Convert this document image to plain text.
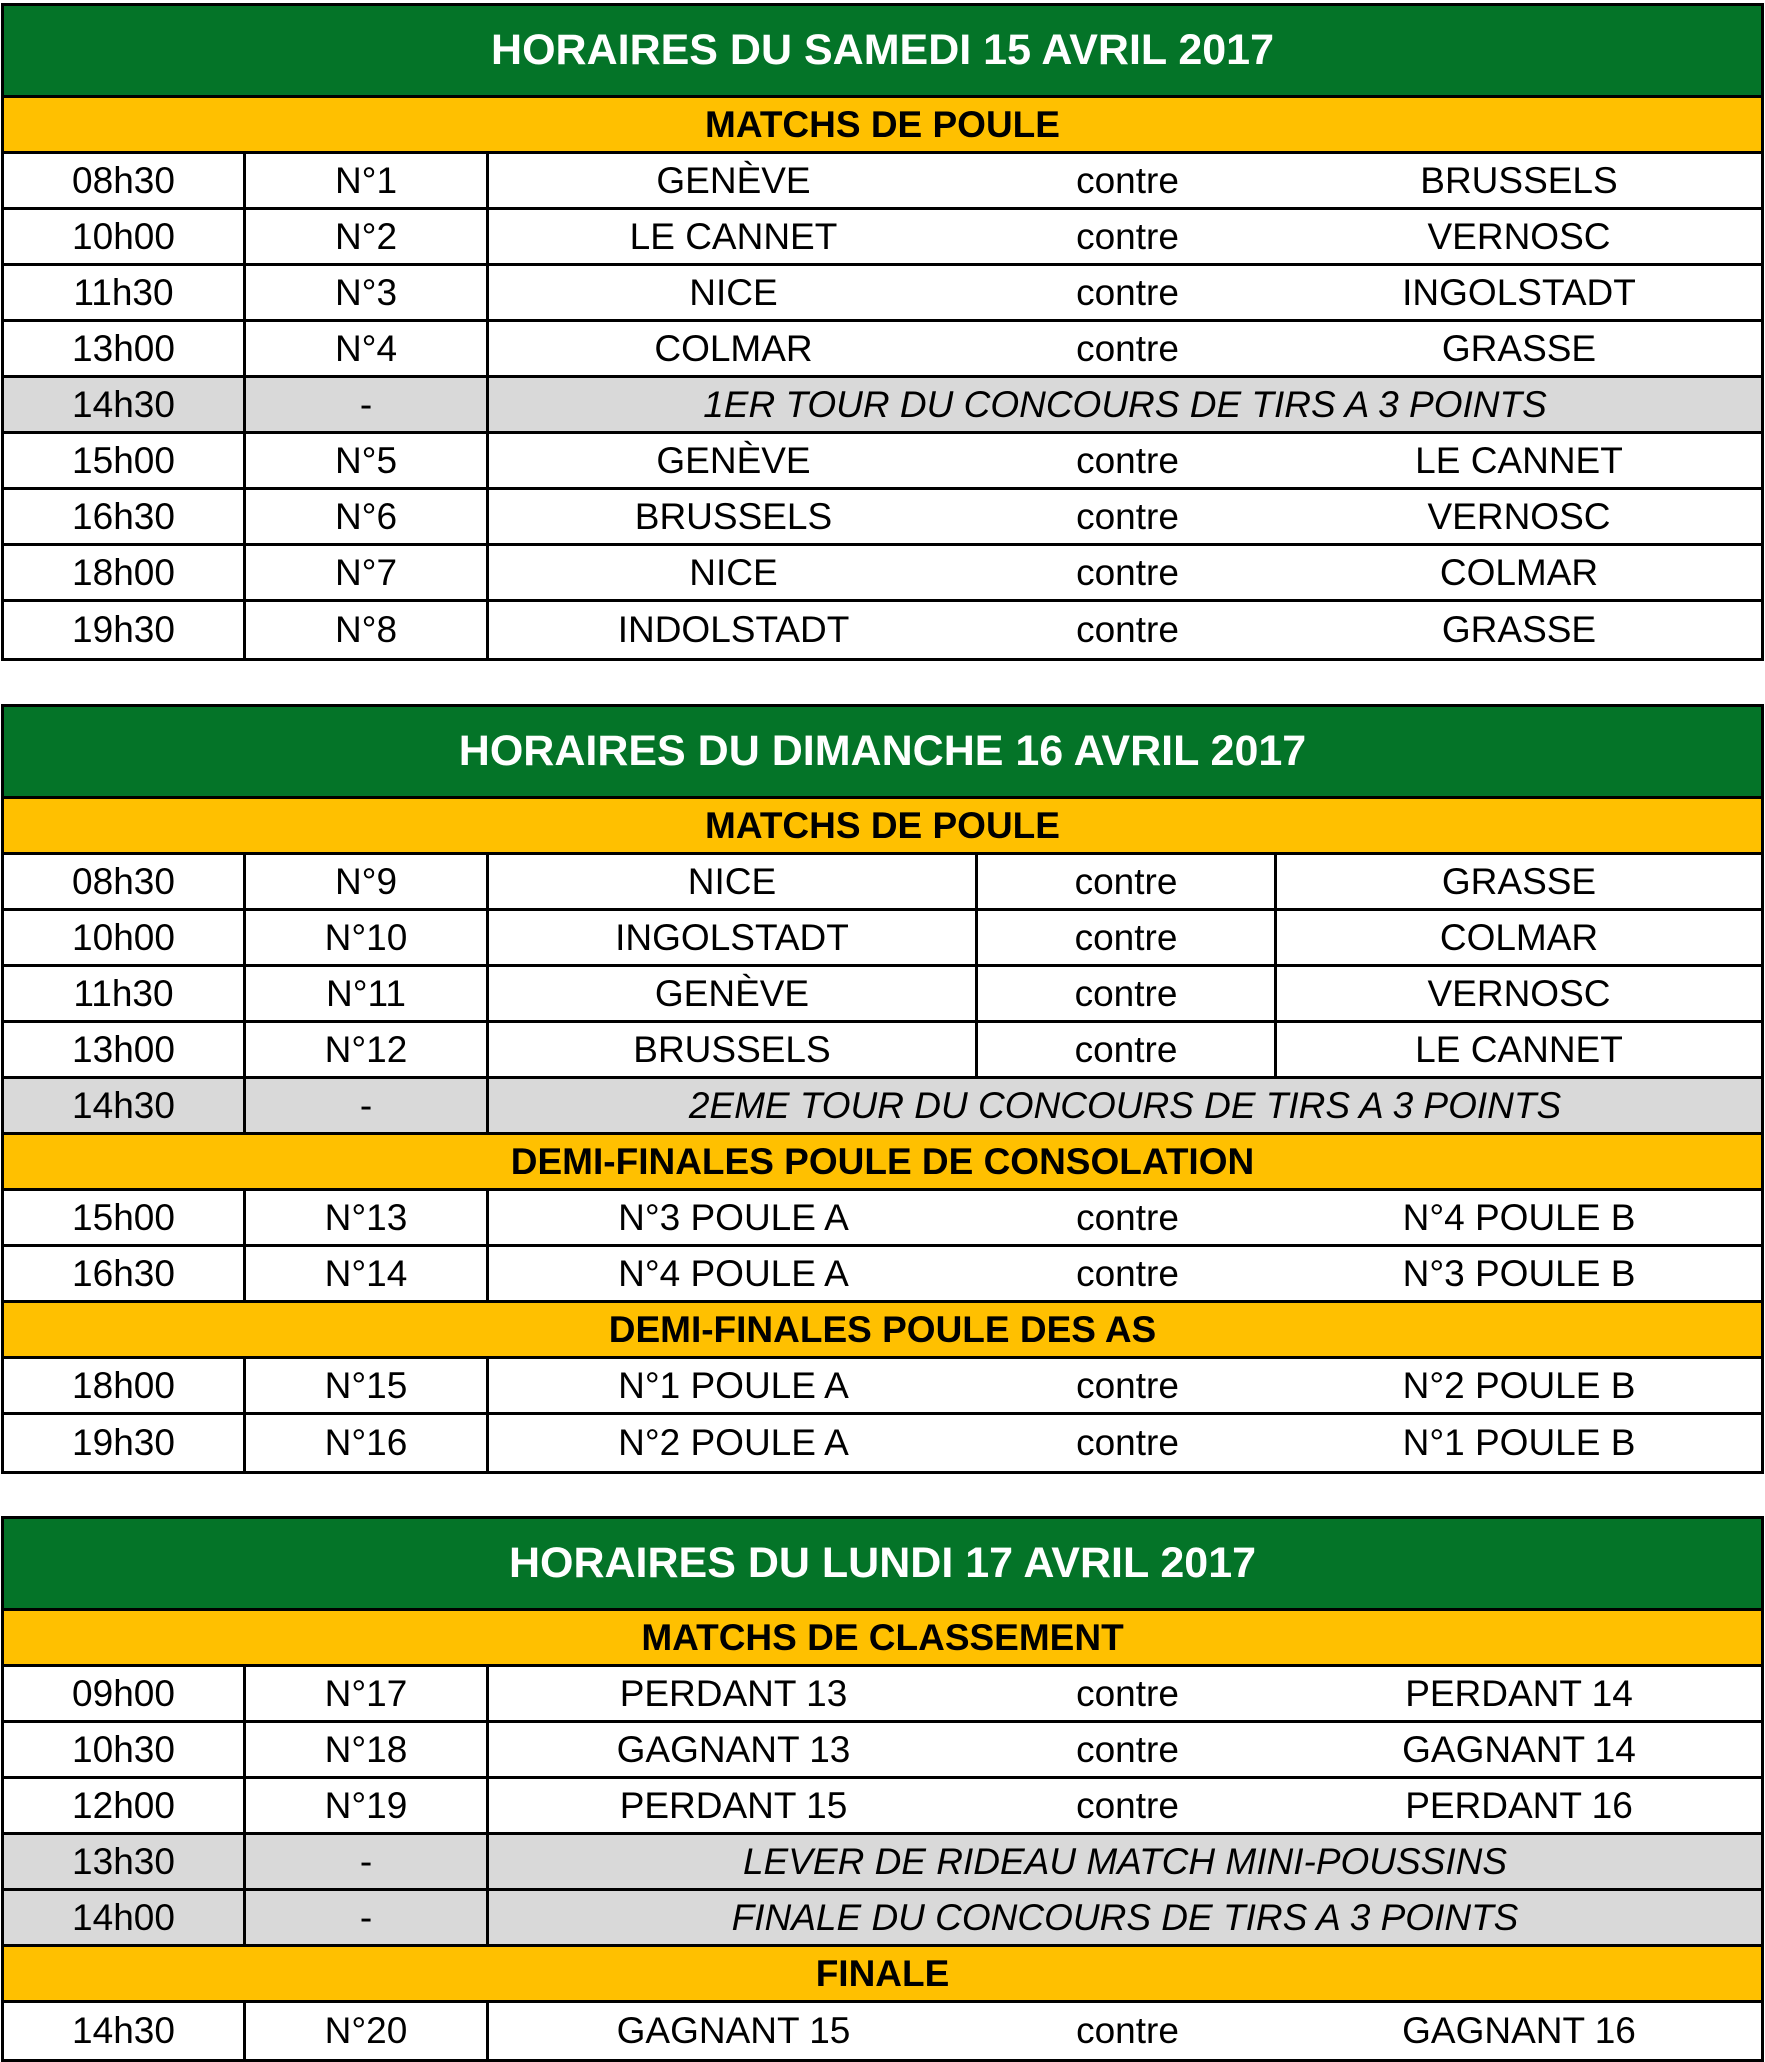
HORAIRES DU SAMEDI 15 AVRIL 2017
MATCHS DE POULE
08h30	N°1	GENÈVE	contre	BRUSSELS
10h00	N°2	LE CANNET	contre	VERNOSC
11h30	N°3	NICE	contre	INGOLSTADT
13h00	N°4	COLMAR	contre	GRASSE
14h30	-	1ER TOUR DU CONCOURS DE TIRS A 3 POINTS
15h00	N°5	GENÈVE	contre	LE CANNET
16h30	N°6	BRUSSELS	contre	VERNOSC
18h00	N°7	NICE	contre	COLMAR
19h30	N°8	INDOLSTADT	contre	GRASSE
HORAIRES DU DIMANCHE 16 AVRIL 2017
MATCHS DE POULE
08h30	N°9	NICE	contre	GRASSE
10h00	N°10	INGOLSTADT	contre	COLMAR
11h30	N°11	GENÈVE	contre	VERNOSC
13h00	N°12	BRUSSELS	contre	LE CANNET
14h30	-	2EME TOUR DU CONCOURS DE TIRS A 3 POINTS
DEMI-FINALES POULE DE CONSOLATION
15h00	N°13	N°3 POULE A	contre	N°4 POULE B
16h30	N°14	N°4 POULE A	contre	N°3 POULE B
DEMI-FINALES POULE DES AS
18h00	N°15	N°1 POULE A	contre	N°2 POULE B
19h30	N°16	N°2 POULE A	contre	N°1 POULE B
HORAIRES DU LUNDI 17 AVRIL 2017
MATCHS DE CLASSEMENT
09h00	N°17	PERDANT 13	contre	PERDANT 14
10h30	N°18	GAGNANT 13	contre	GAGNANT 14
12h00	N°19	PERDANT 15	contre	PERDANT 16
13h30	-	LEVER DE RIDEAU MATCH MINI-POUSSINS
14h00	-	FINALE DU CONCOURS DE TIRS A 3 POINTS
FINALE
14h30	N°20	GAGNANT 15	contre	GAGNANT 16
